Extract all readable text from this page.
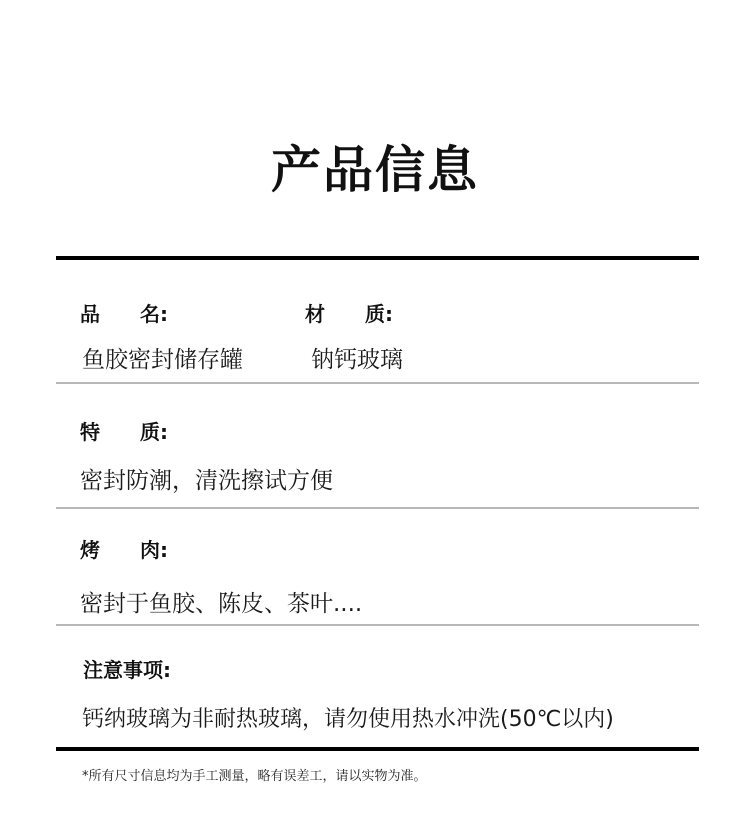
产品信息
品　　名:	材　　质:
鱼胶密封储存罐	钠钙玻璃
特　　质:
密封防潮，清洗擦试方便
烤　　肉:
密封于鱼胶、陈皮、茶叶....
注意事项:
钙纳玻璃为非耐热玻璃，请勿使用热水冲洗(50℃以内)
*所有尺寸信息均为手工测量，略有误差工，请以实物为准。
